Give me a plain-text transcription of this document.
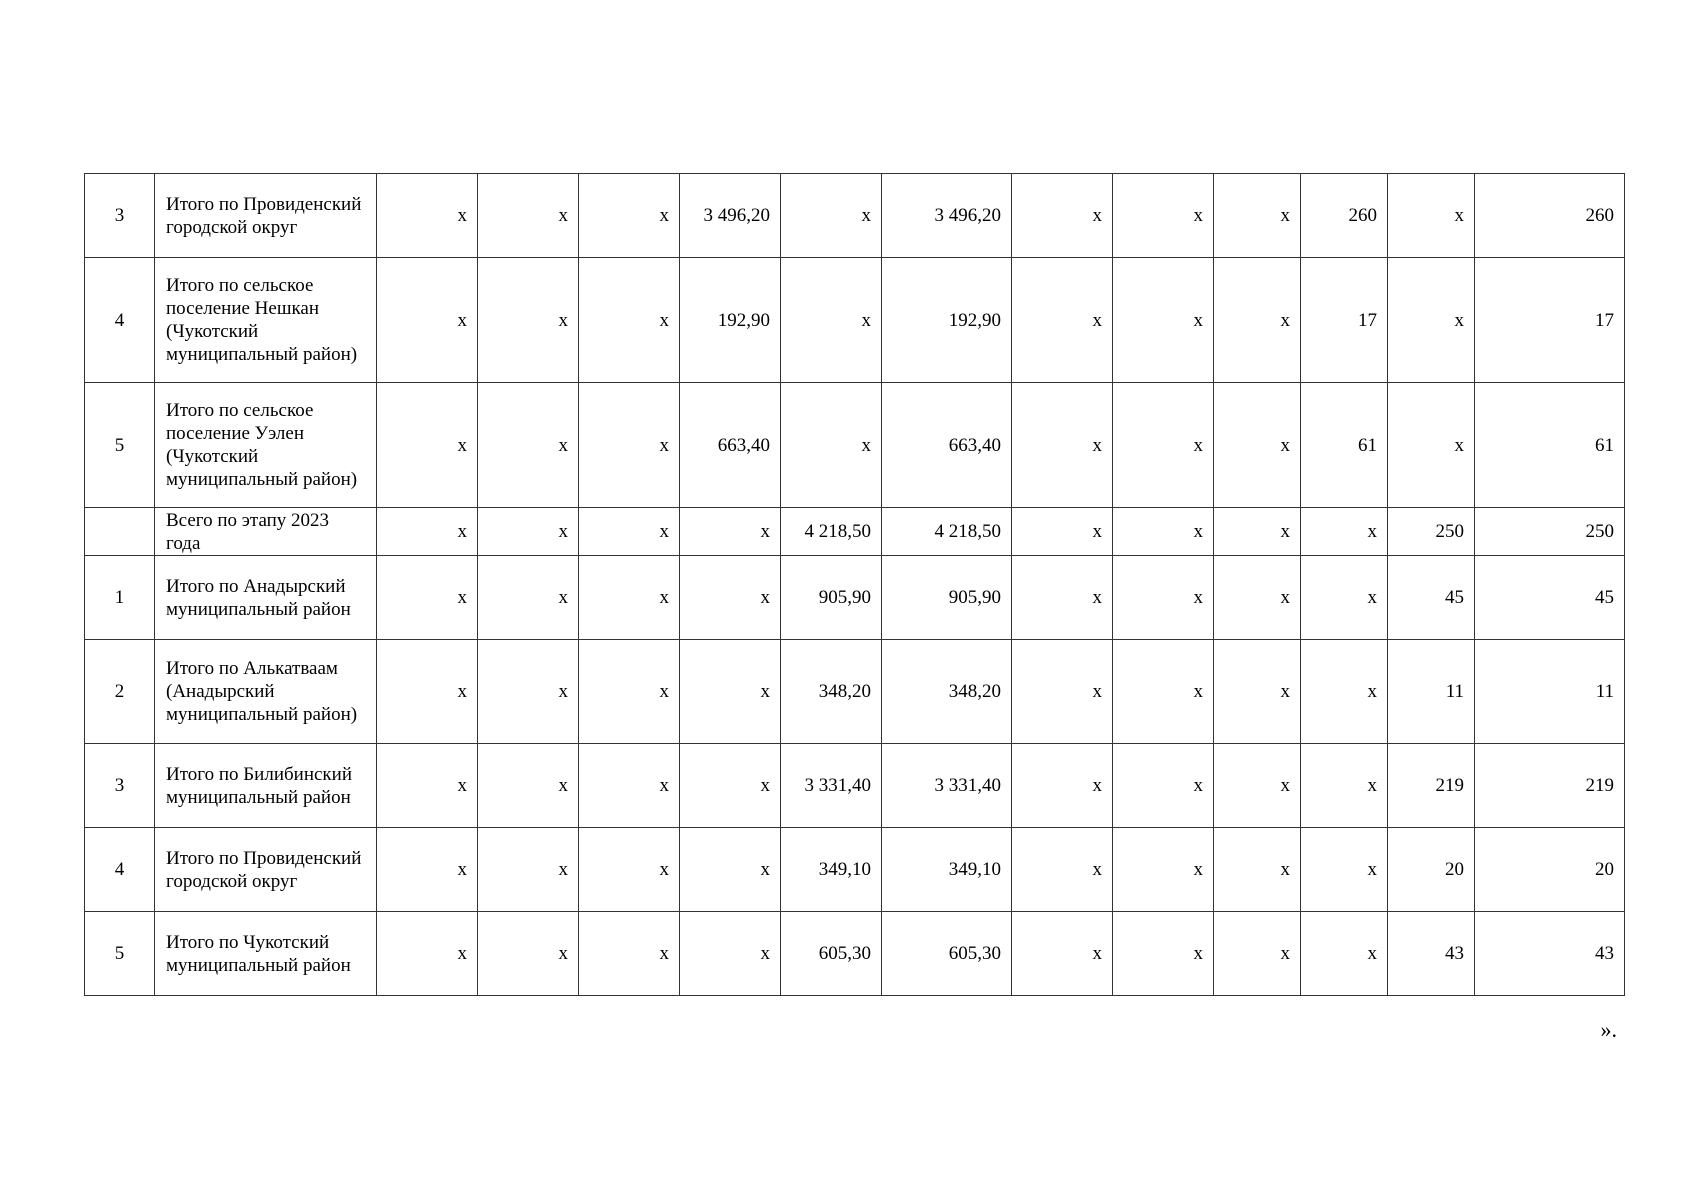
3	Итого по Провиденский городской округ	х	х	х	3 496,20	х	3 496,20	х	х	х	260	х	260
4	Итого по сельское поселение Нешкан (Чукотский муниципальный район)	х	х	х	192,90	х	192,90	х	х	х	17	х	17
5	Итого по сельское поселение Уэлен (Чукотский муниципальный район)	х	х	х	663,40	х	663,40	х	х	х	61	х	61
	Всего по этапу 2023 года	х	х	х	х	4 218,50	4 218,50	х	х	х	х	250	250
1	Итого по Анадырский муниципальный район	х	х	х	х	905,90	905,90	х	х	х	х	45	45
2	Итого по Алькатваам (Анадырский муниципальный район)	х	х	х	х	348,20	348,20	х	х	х	х	11	11
3	Итого по Билибинский муниципальный район	х	х	х	х	3 331,40	3 331,40	х	х	х	х	219	219
4	Итого по Провиденский городской округ	х	х	х	х	349,10	349,10	х	х	х	х	20	20
5	Итого по Чукотский муниципальный район	х	х	х	х	605,30	605,30	х	х	х	х	43	43
».
